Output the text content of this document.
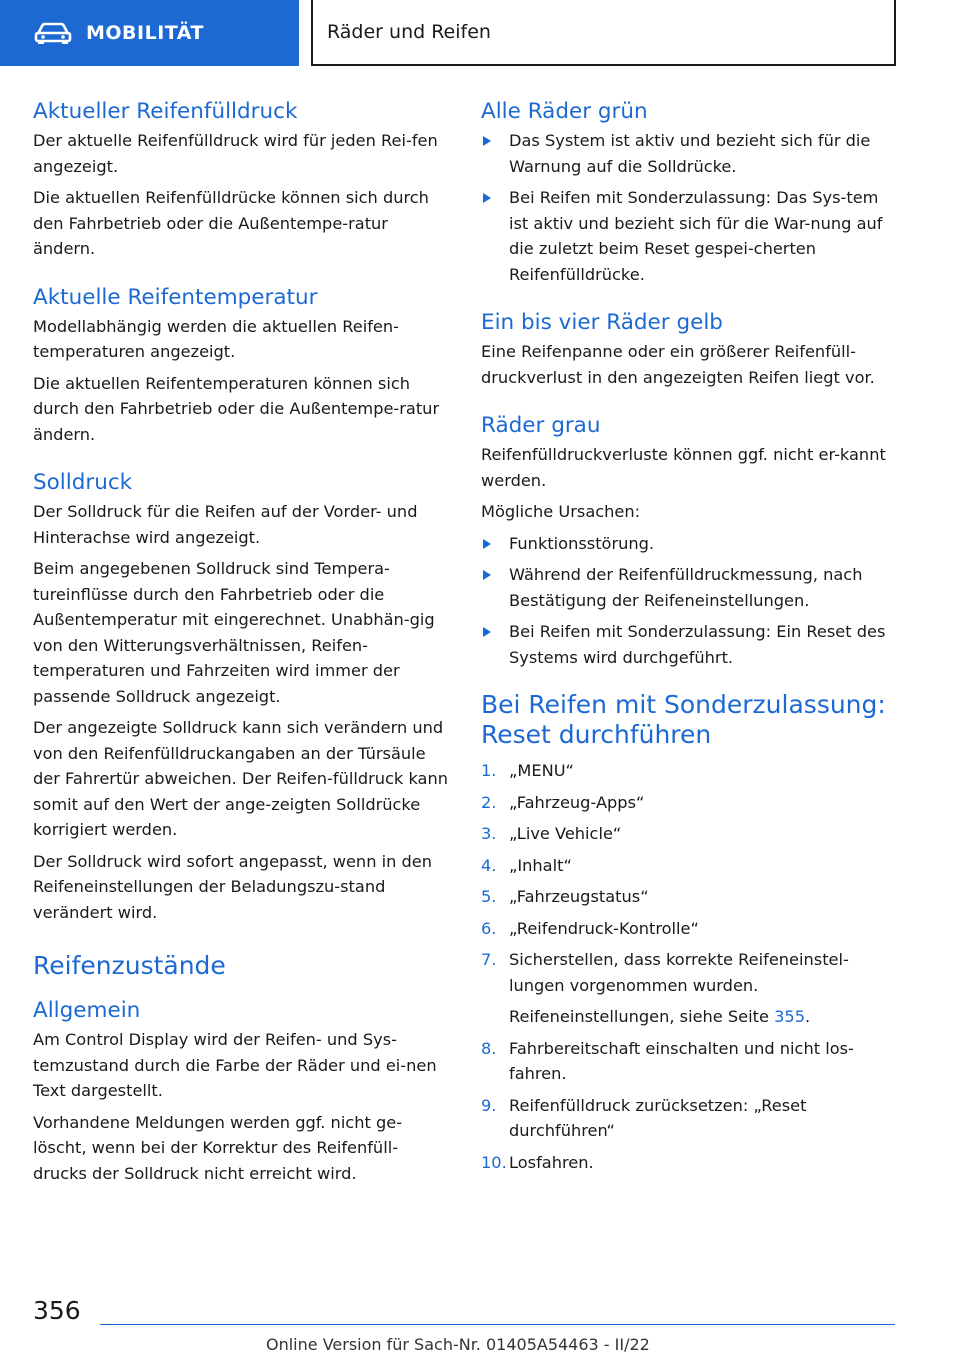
MOBILITÄT	Räder und Reifen
Aktueller Reifenfülldruck

Der aktuelle Reifenfülldruck wird für jeden Rei-fen angezeigt.

Die aktuellen Reifenfülldrücke können sich durch den Fahrbetrieb oder die Außentempe-ratur ändern.

Aktuelle Reifentemperatur

Modellabhängig werden die aktuellen Reifen-temperaturen angezeigt.

Die aktuellen Reifentemperaturen können sich durch den Fahrbetrieb oder die Außentempe-ratur ändern.

Solldruck

Der Solldruck für die Reifen auf der Vorder- und Hinterachse wird angezeigt.

Beim angegebenen Solldruck sind Tempera-tureinflüsse durch den Fahrbetrieb oder die Außentemperatur mit eingerechnet. Unabhän-gig von den Witterungsverhältnissen, Reifen-temperaturen und Fahrzeiten wird immer der passende Solldruck angezeigt.

Der angezeigte Solldruck kann sich verändern und von den Reifenfülldruckangaben an der Türsäule der Fahrertür abweichen. Der Reifen-fülldruck kann somit auf den Wert der ange-zeigten Solldrücke korrigiert werden.

Der Solldruck wird sofort angepasst, wenn in den Reifeneinstellungen der Beladungszu-stand verändert wird.

Reifenzustände
Allgemein

Am Control Display wird der Reifen- und Sys-temzustand durch die Farbe der Räder und ei-nen Text dargestellt.

Vorhandene Meldungen werden ggf. nicht ge-löscht, wenn bei der Korrektur des Reifenfüll-drucks der Solldruck nicht erreicht wird.

Alle Räder grün
Das System ist aktiv und bezieht sich für die Warnung auf die Solldrücke.
Bei Reifen mit Sonderzulassung: Das Sys-tem ist aktiv und bezieht sich für die War-nung auf die zuletzt beim Reset gespei-cherten Reifenfülldrücke.
Ein bis vier Räder gelb

Eine Reifenpanne oder ein größerer Reifenfüll-druckverlust in den angezeigten Reifen liegt vor.

Räder grau

Reifenfülldruckverluste können ggf. nicht er-kannt werden.

Mögliche Ursachen:

Funktionsstörung.
Während der Reifenfülldruckmessung, nach Bestätigung der Reifeneinstellungen.
Bei Reifen mit Sonderzulassung: Ein Reset des Systems wird durchgeführt.
Bei Reifen mit Sonderzulassung: Reset durchführen
1. „MENU“
2. „Fahrzeug-Apps“
3. „Live Vehicle“
4. „Inhalt“
5. „Fahrzeugstatus“
6. „Reifendruck-Kontrolle“
7. Sicherstellen, dass korrekte Reifeneinstel-lungen vorgenommen wurden.
Reifeneinstellungen, siehe Seite 355.
8. Fahrbereitschaft einschalten und nicht los-fahren.
9. Reifenfülldruck zurücksetzen: „Reset durchführen“
10. Losfahren.
356
Online Version für Sach-Nr. 01405A54463 - II/22
